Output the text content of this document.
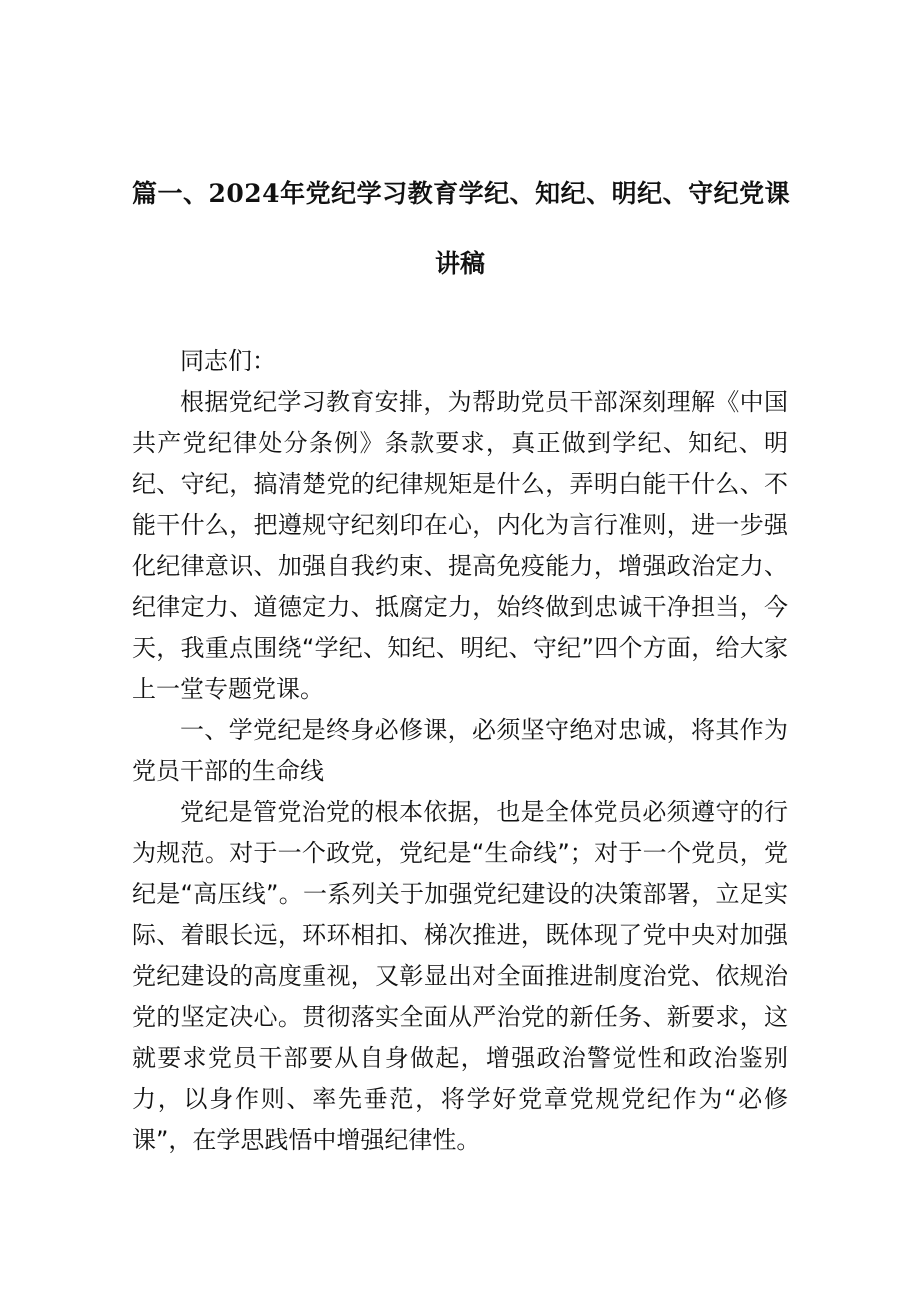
篇一、2024年党纪学习教育学纪、知纪、明纪、守纪党课
讲稿

同志们：

根据党纪学习教育安排，为帮助党员干部深刻理解《中国共产党纪律处分条例》条款要求，真正做到学纪、知纪、明纪、守纪，搞清楚党的纪律规矩是什么，弄明白能干什么、不能干什么，把遵规守纪刻印在心，内化为言行准则，进一步强化纪律意识、加强自我约束、提高免疫能力，增强政治定力、纪律定力、道德定力、抵腐定力，始终做到忠诚干净担当，今天，我重点围绕“学纪、知纪、明纪、守纪”四个方面，给大家上一堂专题党课。

一、学党纪是终身必修课，必须坚守绝对忠诚，将其作为党员干部的生命线

党纪是管党治党的根本依据，也是全体党员必须遵守的行为规范。对于一个政党，党纪是“生命线”；对于一个党员，党纪是“高压线”。一系列关于加强党纪建设的决策部署，立足实际、着眼长远，环环相扣、梯次推进，既体现了党中央对加强党纪建设的高度重视，又彰显出对全面推进制度治党、依规治党的坚定决心。贯彻落实全面从严治党的新任务、新要求，这就要求党员干部要从自身做起，增强政治警觉性和政治鉴别力，以身作则、率先垂范，将学好党章党规党纪作为“必修课”，在学思践悟中增强纪律性。
